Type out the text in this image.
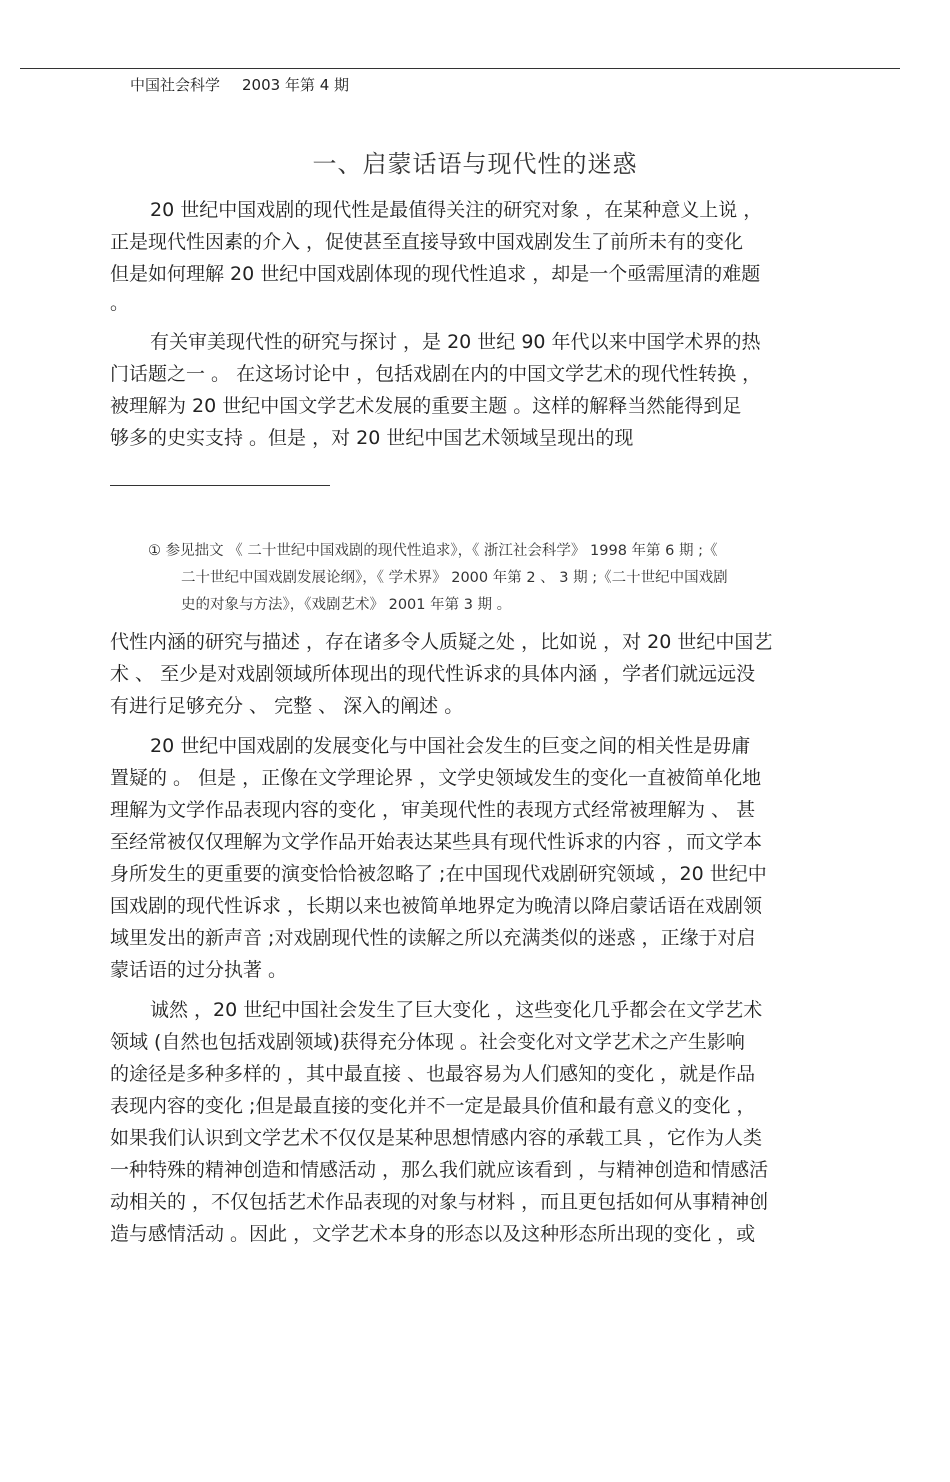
中国社会科学 2003 年第 4 期
一、启蒙话语与现代性的迷惑
20 世纪中国戏剧的现代性是最值得关注的研究对象 ，在某种意义上说 ，
正是现代性因素的介入 ，促使甚至直接导致中国戏剧发生了前所未有的变化
但是如何理解 20 世纪中国戏剧体现的现代性追求 ，却是一个亟需厘清的难题
。
有关审美现代性的研究与探讨 ，是 20 世纪 90 年代以来中国学术界的热
门话题之一 。 在这场讨论中 ，包括戏剧在内的中国文学艺术的现代性转换 ，
被理解为 20 世纪中国文学艺术发展的重要主题 。这样的解释当然能得到足
够多的史实支持 。但是 ，对 20 世纪中国艺术领域呈现出的现
① 参见拙文 《 二十世纪中国戏剧的现代性追求》，《 浙江社会科学》 1998 年第 6 期 ;《
二十世纪中国戏剧发展论纲》，《 学术界》 2000 年第 2 、 3 期 ;《二十世纪中国戏剧
史的对象与方法》，《戏剧艺术》 2001 年第 3 期 。
代性内涵的研究与描述 ，存在诸多令人质疑之处 ，比如说 ，对 20 世纪中国艺
术 、 至少是对戏剧领域所体现出的现代性诉求的具体内涵 ，学者们就远远没
有进行足够充分 、 完整 、 深入的阐述 。
20 世纪中国戏剧的发展变化与中国社会发生的巨变之间的相关性是毋庸
置疑的 。 但是 ，正像在文学理论界 ，文学史领域发生的变化一直被简单化地
理解为文学作品表现内容的变化 ，审美现代性的表现方式经常被理解为 、 甚
至经常被仅仅理解为文学作品开始表达某些具有现代性诉求的内容 ，而文学本
身所发生的更重要的演变恰恰被忽略了 ;在中国现代戏剧研究领域 ，20 世纪中
国戏剧的现代性诉求 ，长期以来也被简单地界定为晚清以降启蒙话语在戏剧领
域里发出的新声音 ;对戏剧现代性的读解之所以充满类似的迷惑 ，正缘于对启
蒙话语的过分执著 。
诚然 ，20 世纪中国社会发生了巨大变化 ，这些变化几乎都会在文学艺术
领域 (自然也包括戏剧领域)获得充分体现 。社会变化对文学艺术之产生影响
的途径是多种多样的 ，其中最直接 、也最容易为人们感知的变化 ，就是作品
表现内容的变化 ;但是最直接的变化并不一定是最具价值和最有意义的变化 ，
如果我们认识到文学艺术不仅仅是某种思想情感内容的承载工具 ，它作为人类
一种特殊的精神创造和情感活动 ，那么我们就应该看到 ，与精神创造和情感活
动相关的 ，不仅包括艺术作品表现的对象与材料 ，而且更包括如何从事精神创
造与感情活动 。因此 ，文学艺术本身的形态以及这种形态所出现的变化 ，或
